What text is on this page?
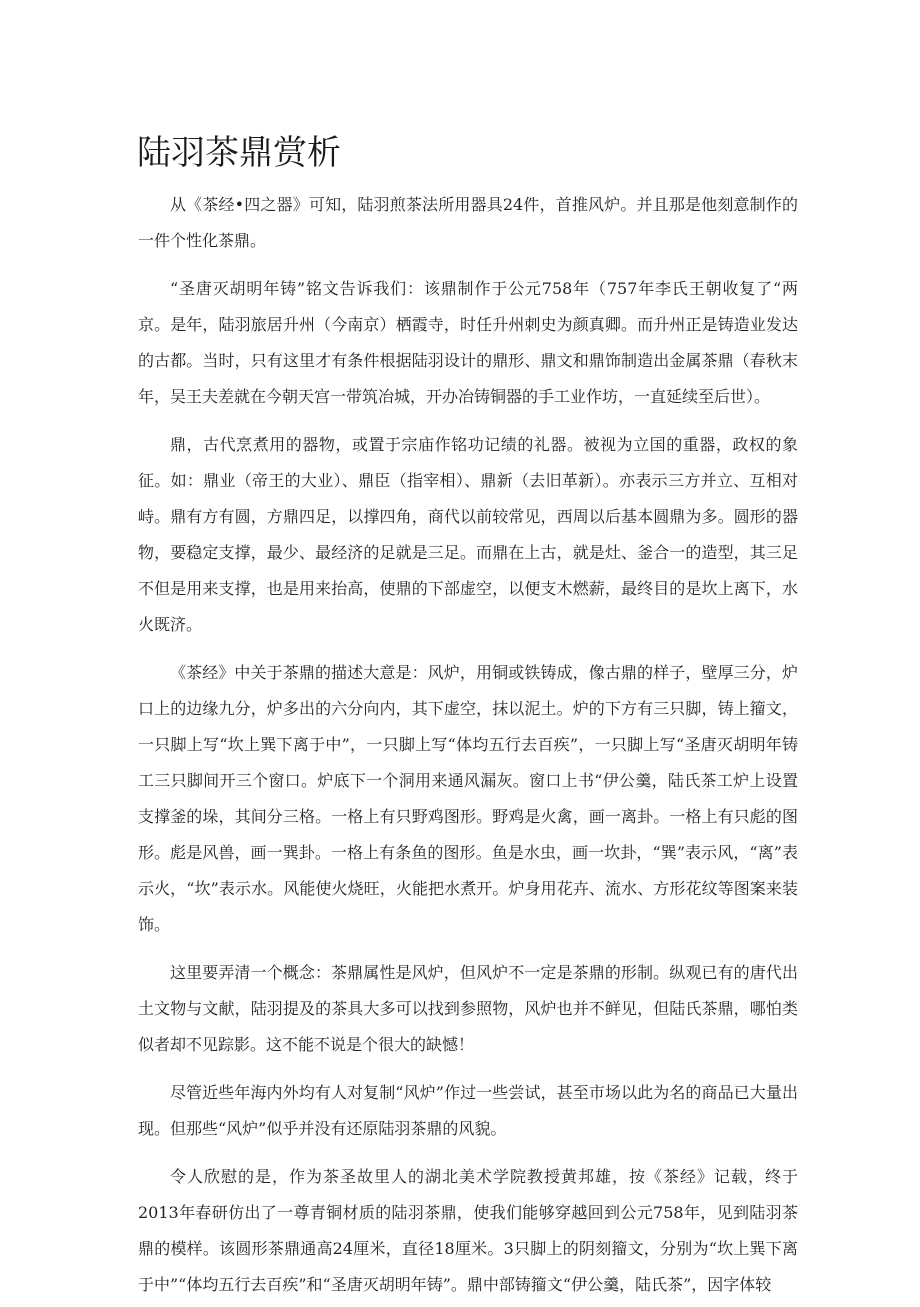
陆羽茶鼎赏析

从《茶经•四之器》可知，陆羽煎茶法所用器具24件，首推风炉。并且那是他刻意制作的一件个性化茶鼎。

“圣唐灭胡明年铸”铭文告诉我们：该鼎制作于公元758年（757年李氏王朝收复了“两京。是年，陆羽旅居升州（今南京）栖霞寺，时任升州刺史为颜真卿。而升州正是铸造业发达的古都。当时，只有这里才有条件根据陆羽设计的鼎形、鼎文和鼎饰制造出金属茶鼎（春秋末年，吴王夫差就在今朝天宫一带筑冶城，开办冶铸铜器的手工业作坊，一直延续至后世）。

鼎，古代烹煮用的器物，或置于宗庙作铭功记绩的礼器。被视为立国的重器，政权的象征。如：鼎业（帝王的大业）、鼎臣（指宰相）、鼎新（去旧革新）。亦表示三方并立、互相对峙。鼎有方有圆，方鼎四足，以撑四角，商代以前较常见，西周以后基本圆鼎为多。圆形的器物，要稳定支撑，最少、最经济的足就是三足。而鼎在上古，就是灶、釜合一的造型，其三足不但是用来支撑，也是用来抬高，使鼎的下部虚空，以便支木燃薪，最终目的是坎上离下，水火既济。

《茶经》中关于茶鼎的描述大意是：风炉，用铜或铁铸成，像古鼎的样子，壁厚三分，炉口上的边缘九分，炉多出的六分向内，其下虚空，抹以泥土。炉的下方有三只脚，铸上籀文，一只脚上写“坎上巽下离于中”，一只脚上写“体均五行去百疾”，一只脚上写“圣唐灭胡明年铸工三只脚间开三个窗口。炉底下一个洞用来通风漏灰。窗口上书“伊公羹，陆氏茶工炉上设置支撑釜的垛，其间分三格。一格上有只野鸡图形。野鸡是火禽，画一离卦。一格上有只彪的图形。彪是风兽，画一巽卦。一格上有条鱼的图形。鱼是水虫，画一坎卦，“巽”表示风，“离”表示火，“坎”表示水。风能使火烧旺，火能把水煮开。炉身用花卉、流水、方形花纹等图案来装饰。

这里要弄清一个概念：茶鼎属性是风炉，但风炉不一定是茶鼎的形制。纵观已有的唐代出土文物与文献，陆羽提及的茶具大多可以找到参照物，风炉也并不鲜见，但陆氏茶鼎，哪怕类似者却不见踪影。这不能不说是个很大的缺憾！

尽管近些年海内外均有人对复制“风炉”作过一些尝试，甚至市场以此为名的商品已大量出现。但那些“风炉”似乎并没有还原陆羽茶鼎的风貌。

令人欣慰的是，作为茶圣故里人的湖北美术学院教授黄邦雄，按《茶经》记载，终于2013年春研仿出了一尊青铜材质的陆羽茶鼎，使我们能够穿越回到公元758年，见到陆羽茶鼎的模样。该圆形茶鼎通高24厘米，直径18厘米。3只脚上的阴刻籀文，分别为“坎上巽下离于中”“体均五行去百疾”和“圣唐灭胡明年铸”。鼎中部铸籀文“伊公羹，陆氏茶”，因字体较
